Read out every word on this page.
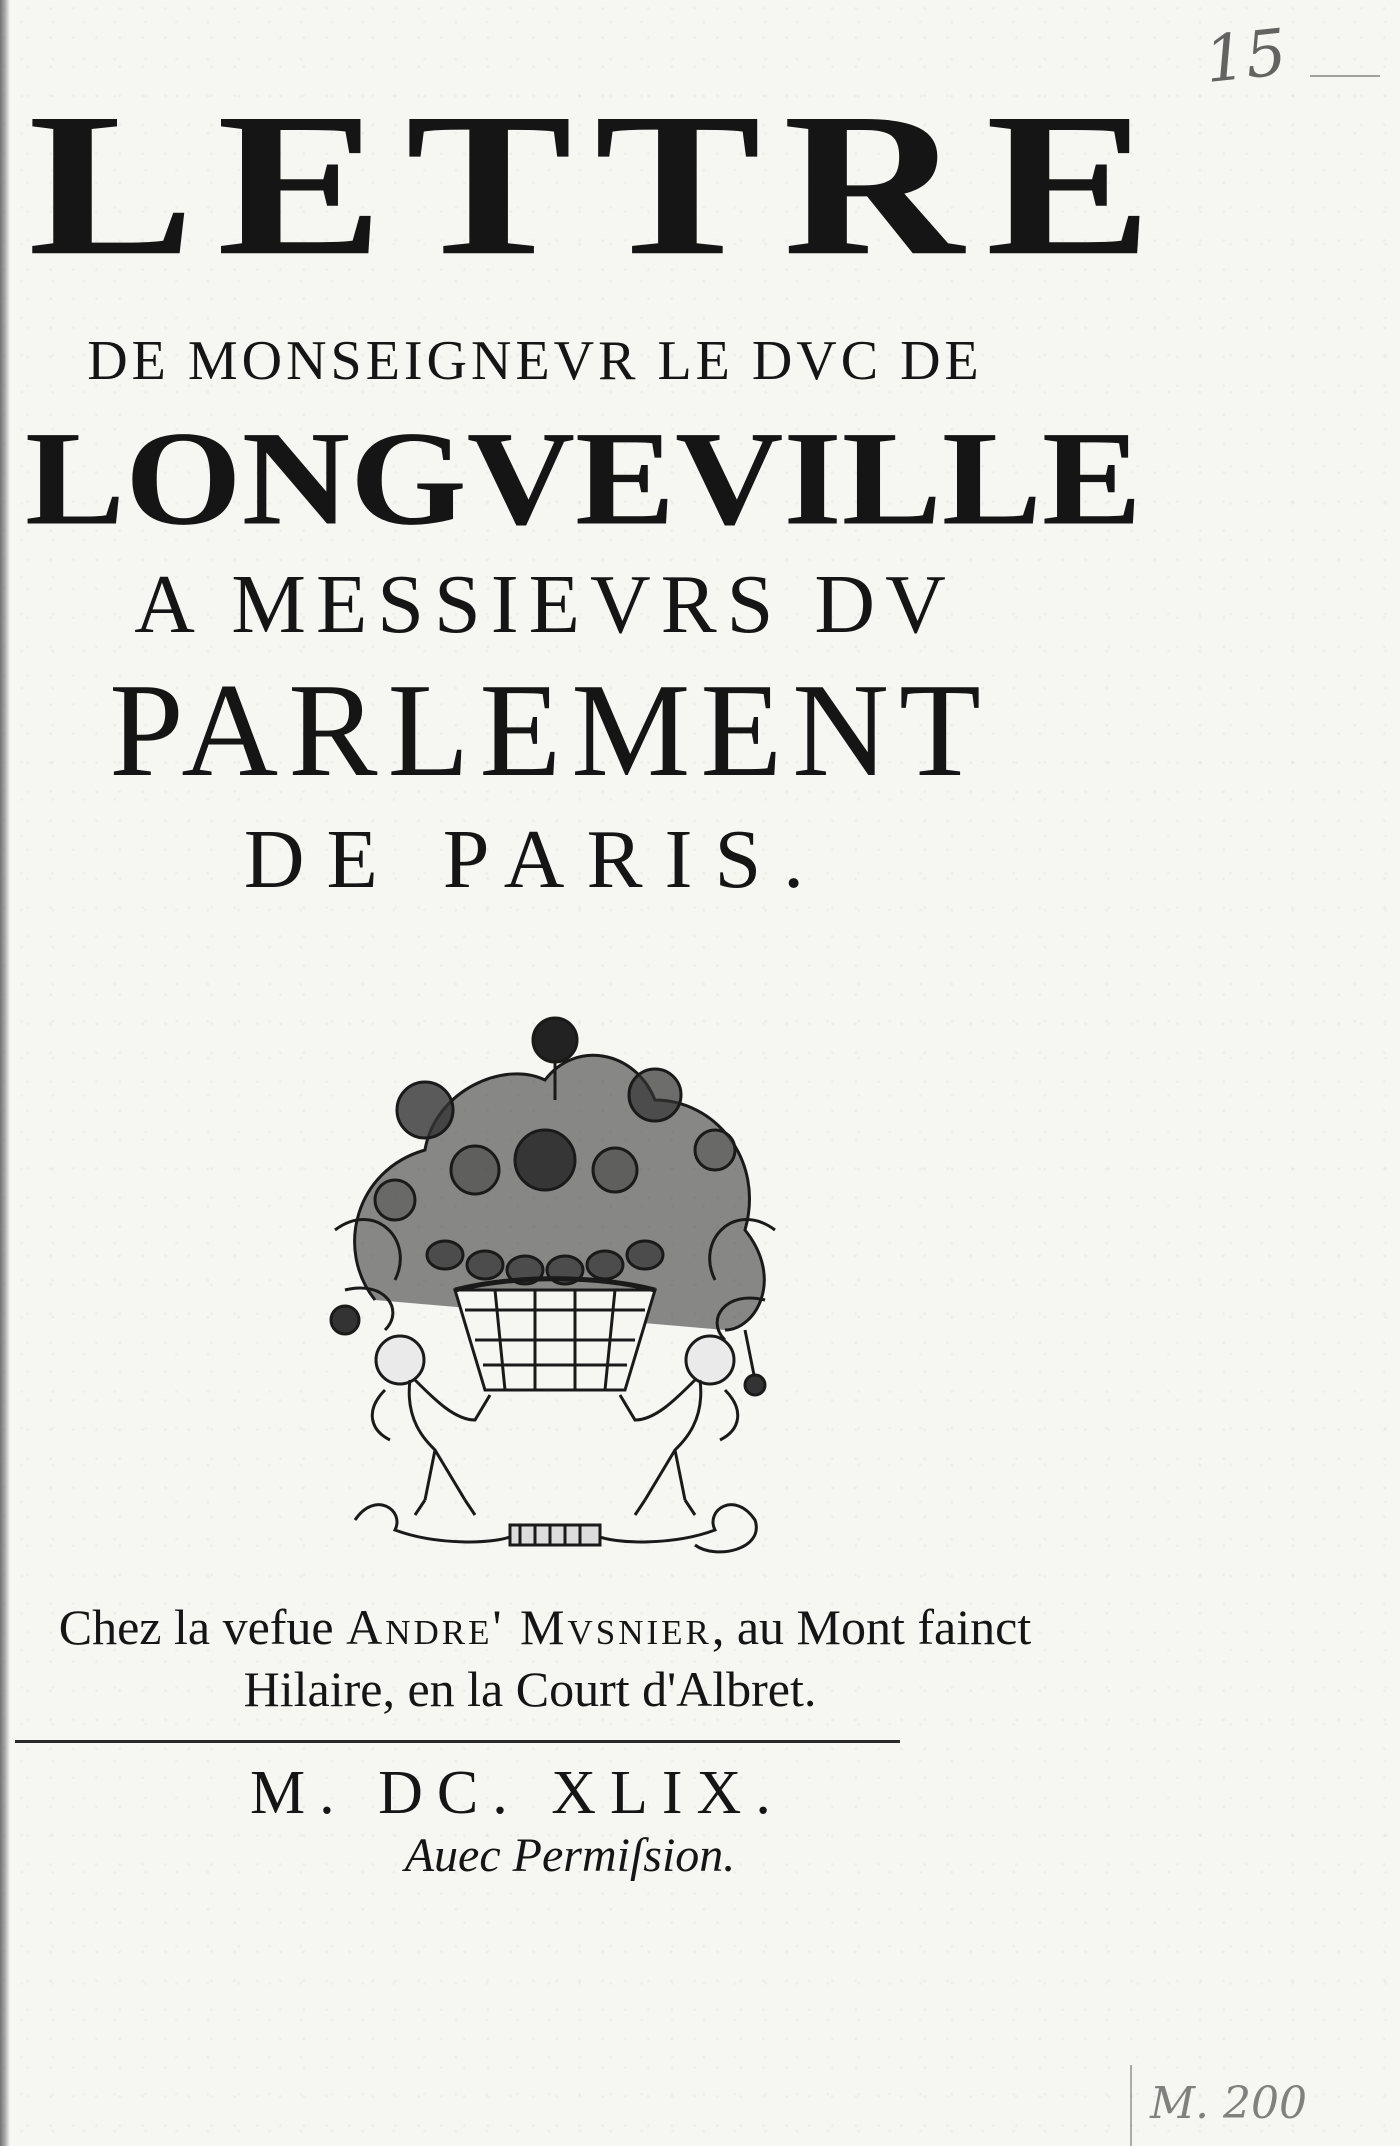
LETTRE
DE MONSEIGNEVR LE DVC DE
LONGVEVILLE
A MESSIEVRS DV
PARLEMENT
DE PARIS.
Chez la vefue Andre' Mvsnier, au Mont fainct
Hilaire, en la Court d'Albret.
M. DC. XLIX.
Auec Permiſsion.
15
M. 200
